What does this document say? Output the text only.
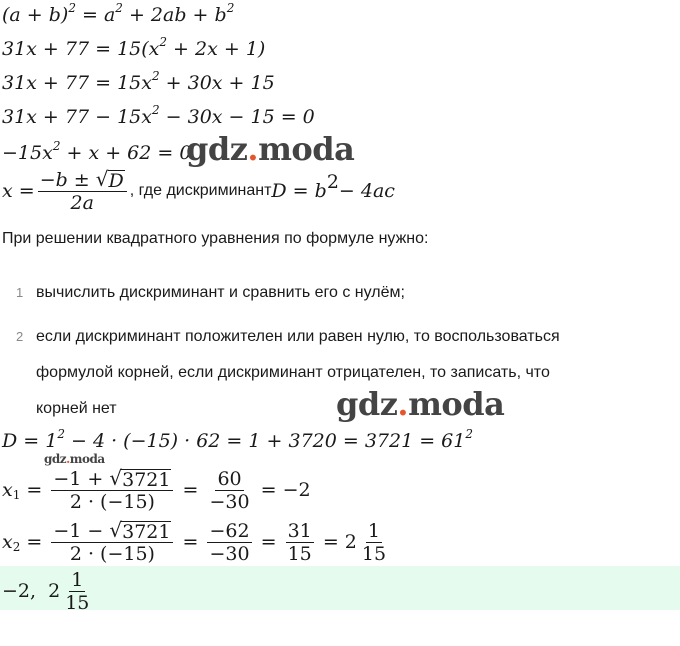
$(a + b)^2 = a^2 + 2ab + b^2$
$31x + 77 = 15(x^2 + 2x + 1)$
$31x + 77 = 15x^2 + 30x + 15$
$31x + 77 - 15x^2 - 30x - 15 = 0$
$-15x^2 + x + 62 = 0$
$x = \frac{-b \pm √ D}{2a}$ , где дискриминант $D = b^2 - 4ac$
При решении квадратного уравнения по формуле нужно:
1 вычислить дискриминант и сравнить его с нулём;
2 если дискриминант положителен или равен нулю, то воспользоваться
формулой корней, если дискриминант отрицателен, то записать, что
корней нет
$D = 1^2 - 4 \cdot (-15) \cdot 62 = 1 + 3720 = 3721 = 61^2$
$x_1 = \frac{-1 + √ 3721}{2 \cdot (-15)} = \frac{60}{-30} = -2$
$x_2 = \frac{-1 - √ 3721}{2 \cdot (-15)} = \frac{-62}{-30} = \frac{31}{15} = 2 \frac{1}{15}$
−2,  $2 \frac{1}{15}$
gdz.moda
gdz.moda
gdz.moda
